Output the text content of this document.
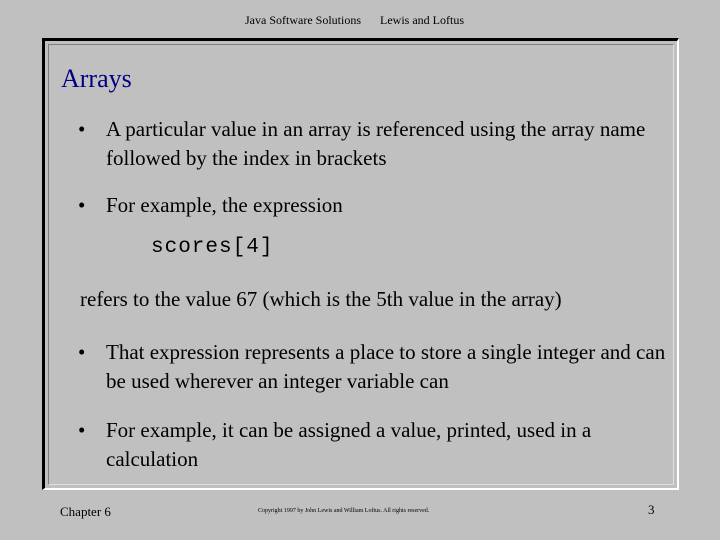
Java Software Solutions Lewis and Loftus
Arrays
• A particular value in an array is referenced using the array name followed by the index in brackets
• For example, the expression
scores[4]
refers to the value 67 (which is the 5th value in the array)
• That expression represents a place to store a single integer and can be used wherever an integer variable can
• For example, it can be assigned a value, printed, used in a calculation
Chapter 6	Copyright 1997 by John Lewis and William Loftus. All rights reserved.	3
